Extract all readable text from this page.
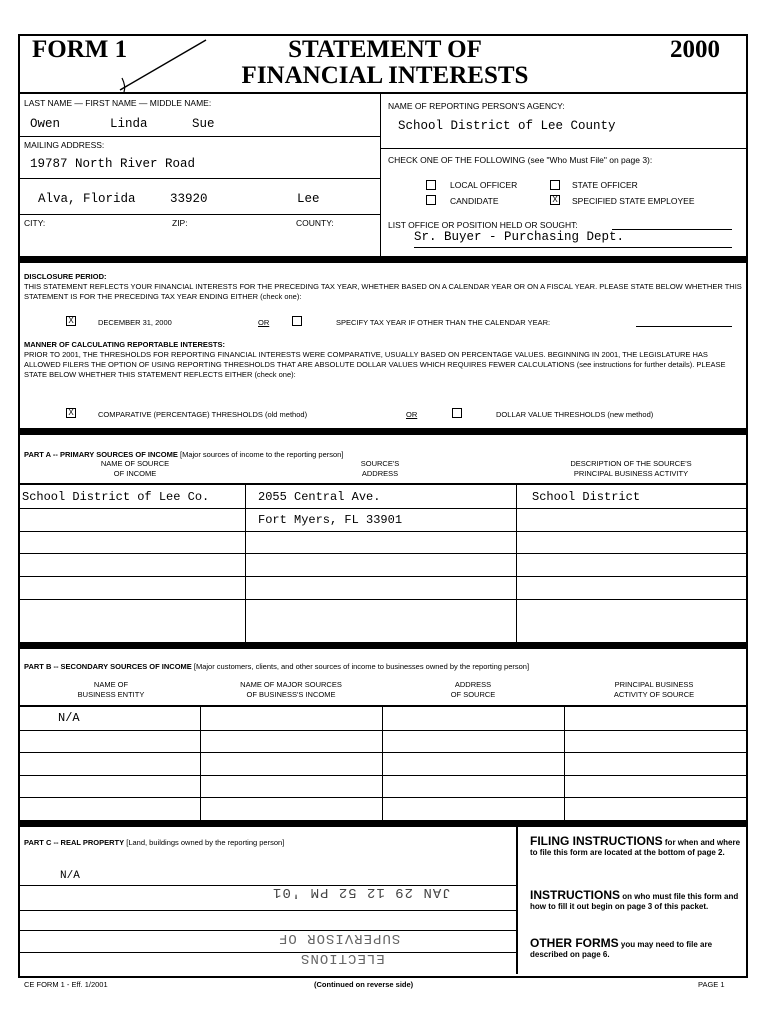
FORM 1	STATEMENT OF
FINANCIAL INTERESTS
2000
LAST NAME — FIRST NAME — MIDDLE NAME:
Owen	Linda	Sue
MAILING ADDRESS:
19787 North River Road
Alva, Florida	33920	Lee
CITY:	ZIP:	COUNTY:
NAME OF REPORTING PERSON'S AGENCY:
School District of Lee County
CHECK ONE OF THE FOLLOWING (see "Who Must File" on page 3):
LOCAL OFFICER	STATE OFFICER
CANDIDATE	X SPECIFIED STATE EMPLOYEE
LIST OFFICE OR POSITION HELD OR SOUGHT:
Sr. Buyer - Purchasing Dept.
DISCLOSURE PERIOD:
THIS STATEMENT REFLECTS YOUR FINANCIAL INTERESTS FOR THE PRECEDING TAX YEAR, WHETHER BASED ON A CALENDAR YEAR OR ON A FISCAL YEAR. PLEASE STATE BELOW WHETHER THIS STATEMENT IS FOR THE PRECEDING TAX YEAR ENDING EITHER (check one):
X	DECEMBER 31, 2000	OR	SPECIFY TAX YEAR IF OTHER THAN THE CALENDAR YEAR:
MANNER OF CALCULATING REPORTABLE INTERESTS:
PRIOR TO 2001, THE THRESHOLDS FOR REPORTING FINANCIAL INTERESTS WERE COMPARATIVE, USUALLY BASED ON PERCENTAGE VALUES. BEGINNING IN 2001, THE LEGISLATURE HAS ALLOWED FILERS THE OPTION OF USING REPORTING THRESHOLDS THAT ARE ABSOLUTE DOLLAR VALUES WHICH REQUIRES FEWER CALCULATIONS (see instructions for further details). PLEASE STATE BELOW WHETHER THIS STATEMENT REFLECTS EITHER (check one):
X	COMPARATIVE (PERCENTAGE) THRESHOLDS (old method)	OR	DOLLAR VALUE THRESHOLDS (new method)
PART A -- PRIMARY SOURCES OF INCOME [Major sources of income to the reporting person]
NAME OF SOURCE
OF INCOME
SOURCE'S
ADDRESS
DESCRIPTION OF THE SOURCE'S
PRINCIPAL BUSINESS ACTIVITY
School District of Lee Co.	2055 Central Ave.	School District
Fort Myers, FL 33901
PART B -- SECONDARY SOURCES OF INCOME [Major customers, clients, and other sources of income to businesses owned by the reporting person]
NAME OF
BUSINESS ENTITY
NAME OF MAJOR SOURCES
OF BUSINESS'S INCOME
ADDRESS
OF SOURCE
PRINCIPAL BUSINESS
ACTIVITY OF SOURCE
N/A
PART C -- REAL PROPERTY [Land, buildings owned by the reporting person]
N/A
JAN 29 12 52 PM '01
SUPERVISOR OF
ELECTIONS
FILING INSTRUCTIONS for when and where to file this form are located at the bottom of page 2.
INSTRUCTIONS on who must file this form and how to fill it out begin on page 3 of this packet.
OTHER FORMS you may need to file are described on page 6.
CE FORM 1 - Eff. 1/2001	(Continued on reverse side)	PAGE 1
